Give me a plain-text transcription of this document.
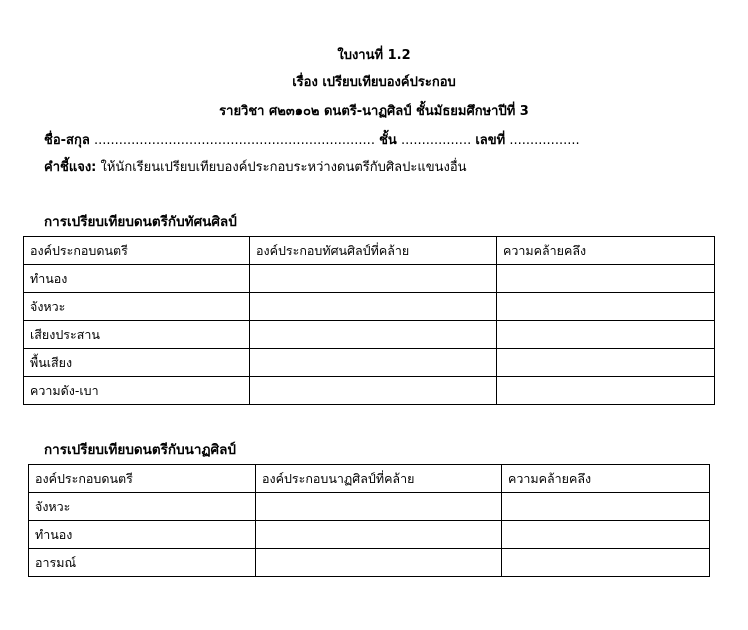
ใบงานที่ 1.2
เรื่อง เปรียบเทียบองค์ประกอบ
รายวิชา ศ๒๓๑๐๒ ดนตรี-นาฏศิลป์ ชั้นมัธยมศึกษาปีที่ 3
ชื่อ-สกุล .................................................................... ชั้น ................. เลขที่ .................
คำชี้แจง: ให้นักเรียนเปรียบเทียบองค์ประกอบระหว่างดนตรีกับศิลปะแขนงอื่น
การเปรียบเทียบดนตรีกับทัศนศิลป์
องค์ประกอบดนตรี	องค์ประกอบทัศนศิลป์ที่คล้าย	ความคล้ายคลึง
ทำนอง		
จังหวะ		
เสียงประสาน		
พื้นเสียง		
ความดัง-เบา		
การเปรียบเทียบดนตรีกับนาฏศิลป์
องค์ประกอบดนตรี	องค์ประกอบนาฏศิลป์ที่คล้าย	ความคล้ายคลึง
จังหวะ		
ทำนอง		
อารมณ์		
